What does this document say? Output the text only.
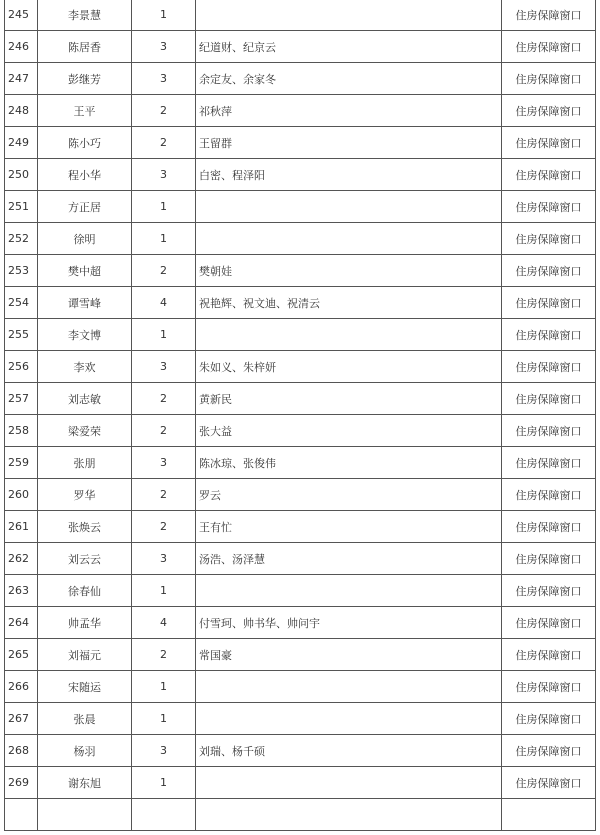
245	李景慧	1		住房保障窗口
246	陈居香	3	纪道财、纪京云	住房保障窗口
247	彭继芳	3	余定友、余家冬	住房保障窗口
248	王平	2	祁秋萍	住房保障窗口
249	陈小巧	2	王留群	住房保障窗口
250	程小华	3	白密、程泽阳	住房保障窗口
251	方正居	1		住房保障窗口
252	徐明	1		住房保障窗口
253	樊中超	2	樊朝娃	住房保障窗口
254	谭雪峰	4	祝艳辉、祝文迪、祝清云	住房保障窗口
255	李文博	1		住房保障窗口
256	李欢	3	朱如义、朱梓妍	住房保障窗口
257	刘志敏	2	黄新民	住房保障窗口
258	梁爱荣	2	张大益	住房保障窗口
259	张朋	3	陈冰琼、张俊伟	住房保障窗口
260	罗华	2	罗云	住房保障窗口
261	张焕云	2	王有忙	住房保障窗口
262	刘云云	3	汤浩、汤泽慧	住房保障窗口
263	徐春仙	1		住房保障窗口
264	帅孟华	4	付雪珂、帅书华、帅问宇	住房保障窗口
265	刘福元	2	常国豪	住房保障窗口
266	宋随运	1		住房保障窗口
267	张晨	1		住房保障窗口
268	杨羽	3	刘瑞、杨千硕	住房保障窗口
269	谢东旭	1		住房保障窗口
